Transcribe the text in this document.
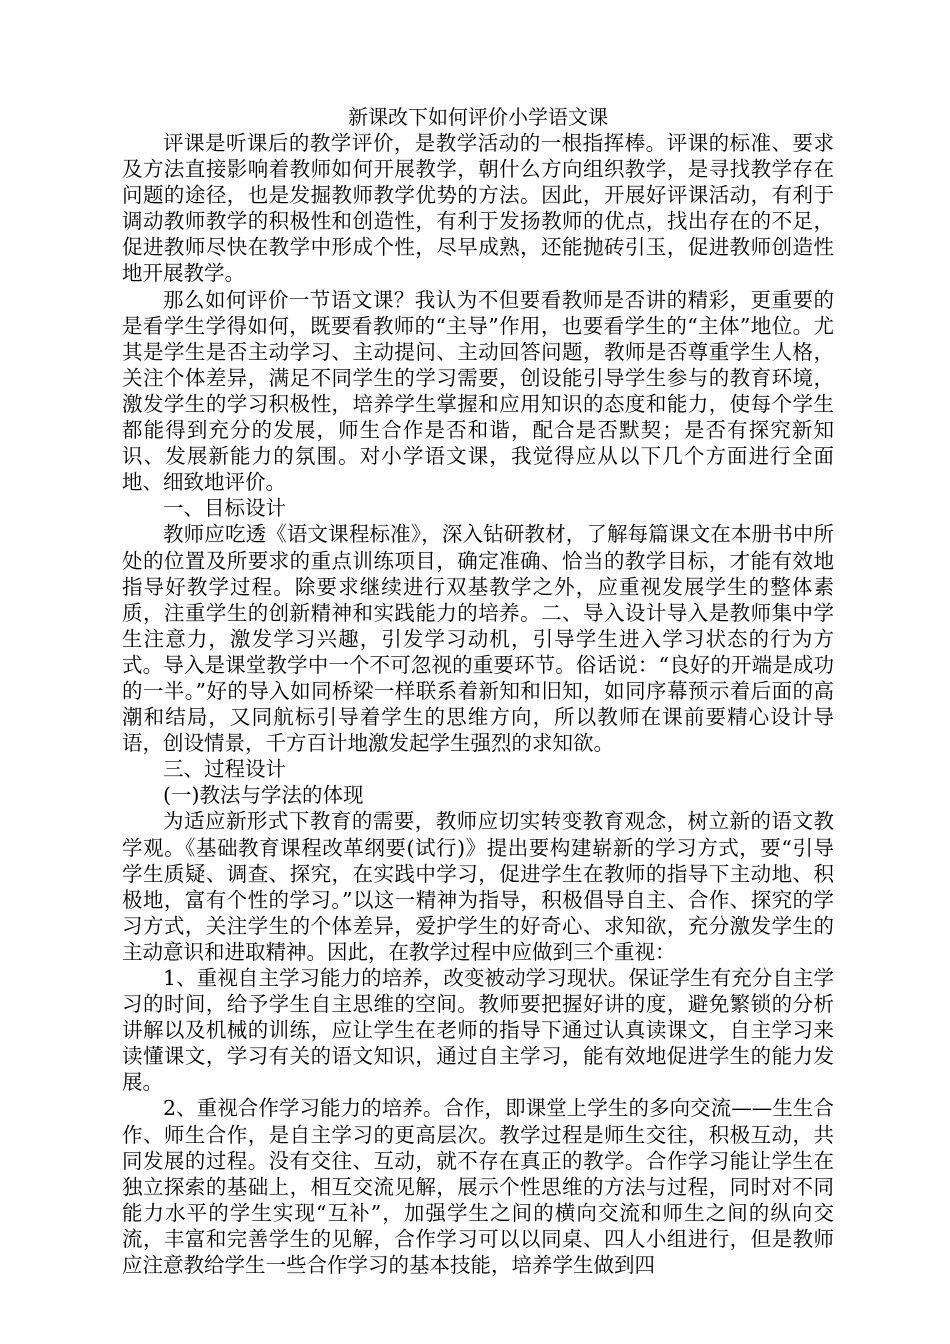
新课改下如何评价小学语文课

评课是听课后的教学评价，是教学活动的一根指挥棒。评课的标准、要求及方法直接影响着教师如何开展教学，朝什么方向组织教学，是寻找教学存在问题的途径，也是发掘教师教学优势的方法。因此，开展好评课活动，有利于调动教师教学的积极性和创造性，有利于发扬教师的优点，找出存在的不足，促进教师尽快在教学中形成个性，尽早成熟，还能抛砖引玉，促进教师创造性地开展教学。

那么如何评价一节语文课？我认为不但要看教师是否讲的精彩，更重要的是看学生学得如何，既要看教师的“主导”作用，也要看学生的“主体”地位。尤其是学生是否主动学习、主动提问、主动回答问题，教师是否尊重学生人格，关注个体差异，满足不同学生的学习需要，创设能引导学生参与的教育环境，激发学生的学习积极性，培养学生掌握和应用知识的态度和能力，使每个学生都能得到充分的发展，师生合作是否和谐，配合是否默契；是否有探究新知识、发展新能力的氛围。对小学语文课，我觉得应从以下几个方面进行全面地、细致地评价。

一、目标设计

教师应吃透《语文课程标准》，深入钻研教材，了解每篇课文在本册书中所处的位置及所要求的重点训练项目，确定准确、恰当的教学目标，才能有效地指导好教学过程。除要求继续进行双基教学之外，应重视发展学生的整体素质，注重学生的创新精神和实践能力的培养。二、导入设计导入是教师集中学生注意力，激发学习兴趣，引发学习动机，引导学生进入学习状态的行为方式。导入是课堂教学中一个不可忽视的重要环节。俗话说：“良好的开端是成功的一半。”好的导入如同桥梁一样联系着新知和旧知，如同序幕预示着后面的高潮和结局，又同航标引导着学生的思维方向，所以教师在课前要精心设计导语，创设情景，千方百计地激发起学生强烈的求知欲。

三、过程设计

(一)教法与学法的体现

为适应新形式下教育的需要，教师应切实转变教育观念，树立新的语文教学观。《基础教育课程改革纲要(试行)》提出要构建崭新的学习方式，要“引导学生质疑、调查、探究，在实践中学习，促进学生在教师的指导下主动地、积极地，富有个性的学习。”以这一精神为指导，积极倡导自主、合作、探究的学习方式，关注学生的个体差异，爱护学生的好奇心、求知欲，充分激发学生的主动意识和进取精神。因此，在教学过程中应做到三个重视：

1、重视自主学习能力的培养，改变被动学习现状。保证学生有充分自主学习的时间，给予学生自主思维的空间。教师要把握好讲的度，避免繁锁的分析讲解以及机械的训练，应让学生在老师的指导下通过认真读课文，自主学习来读懂课文，学习有关的语文知识，通过自主学习，能有效地促进学生的能力发展。

2、重视合作学习能力的培养。合作，即课堂上学生的多向交流——生生合作、师生合作，是自主学习的更高层次。教学过程是师生交往，积极互动，共同发展的过程。没有交往、互动，就不存在真正的教学。合作学习能让学生在独立探索的基础上，相互交流见解，展示个性思维的方法与过程，同时对不同能力水平的学生实现“互补”，加强学生之间的横向交流和师生之间的纵向交流，丰富和完善学生的见解，合作学习可以以同桌、四人小组进行，但是教师应注意教给学生一些合作学习的基本技能，培养学生做到四
